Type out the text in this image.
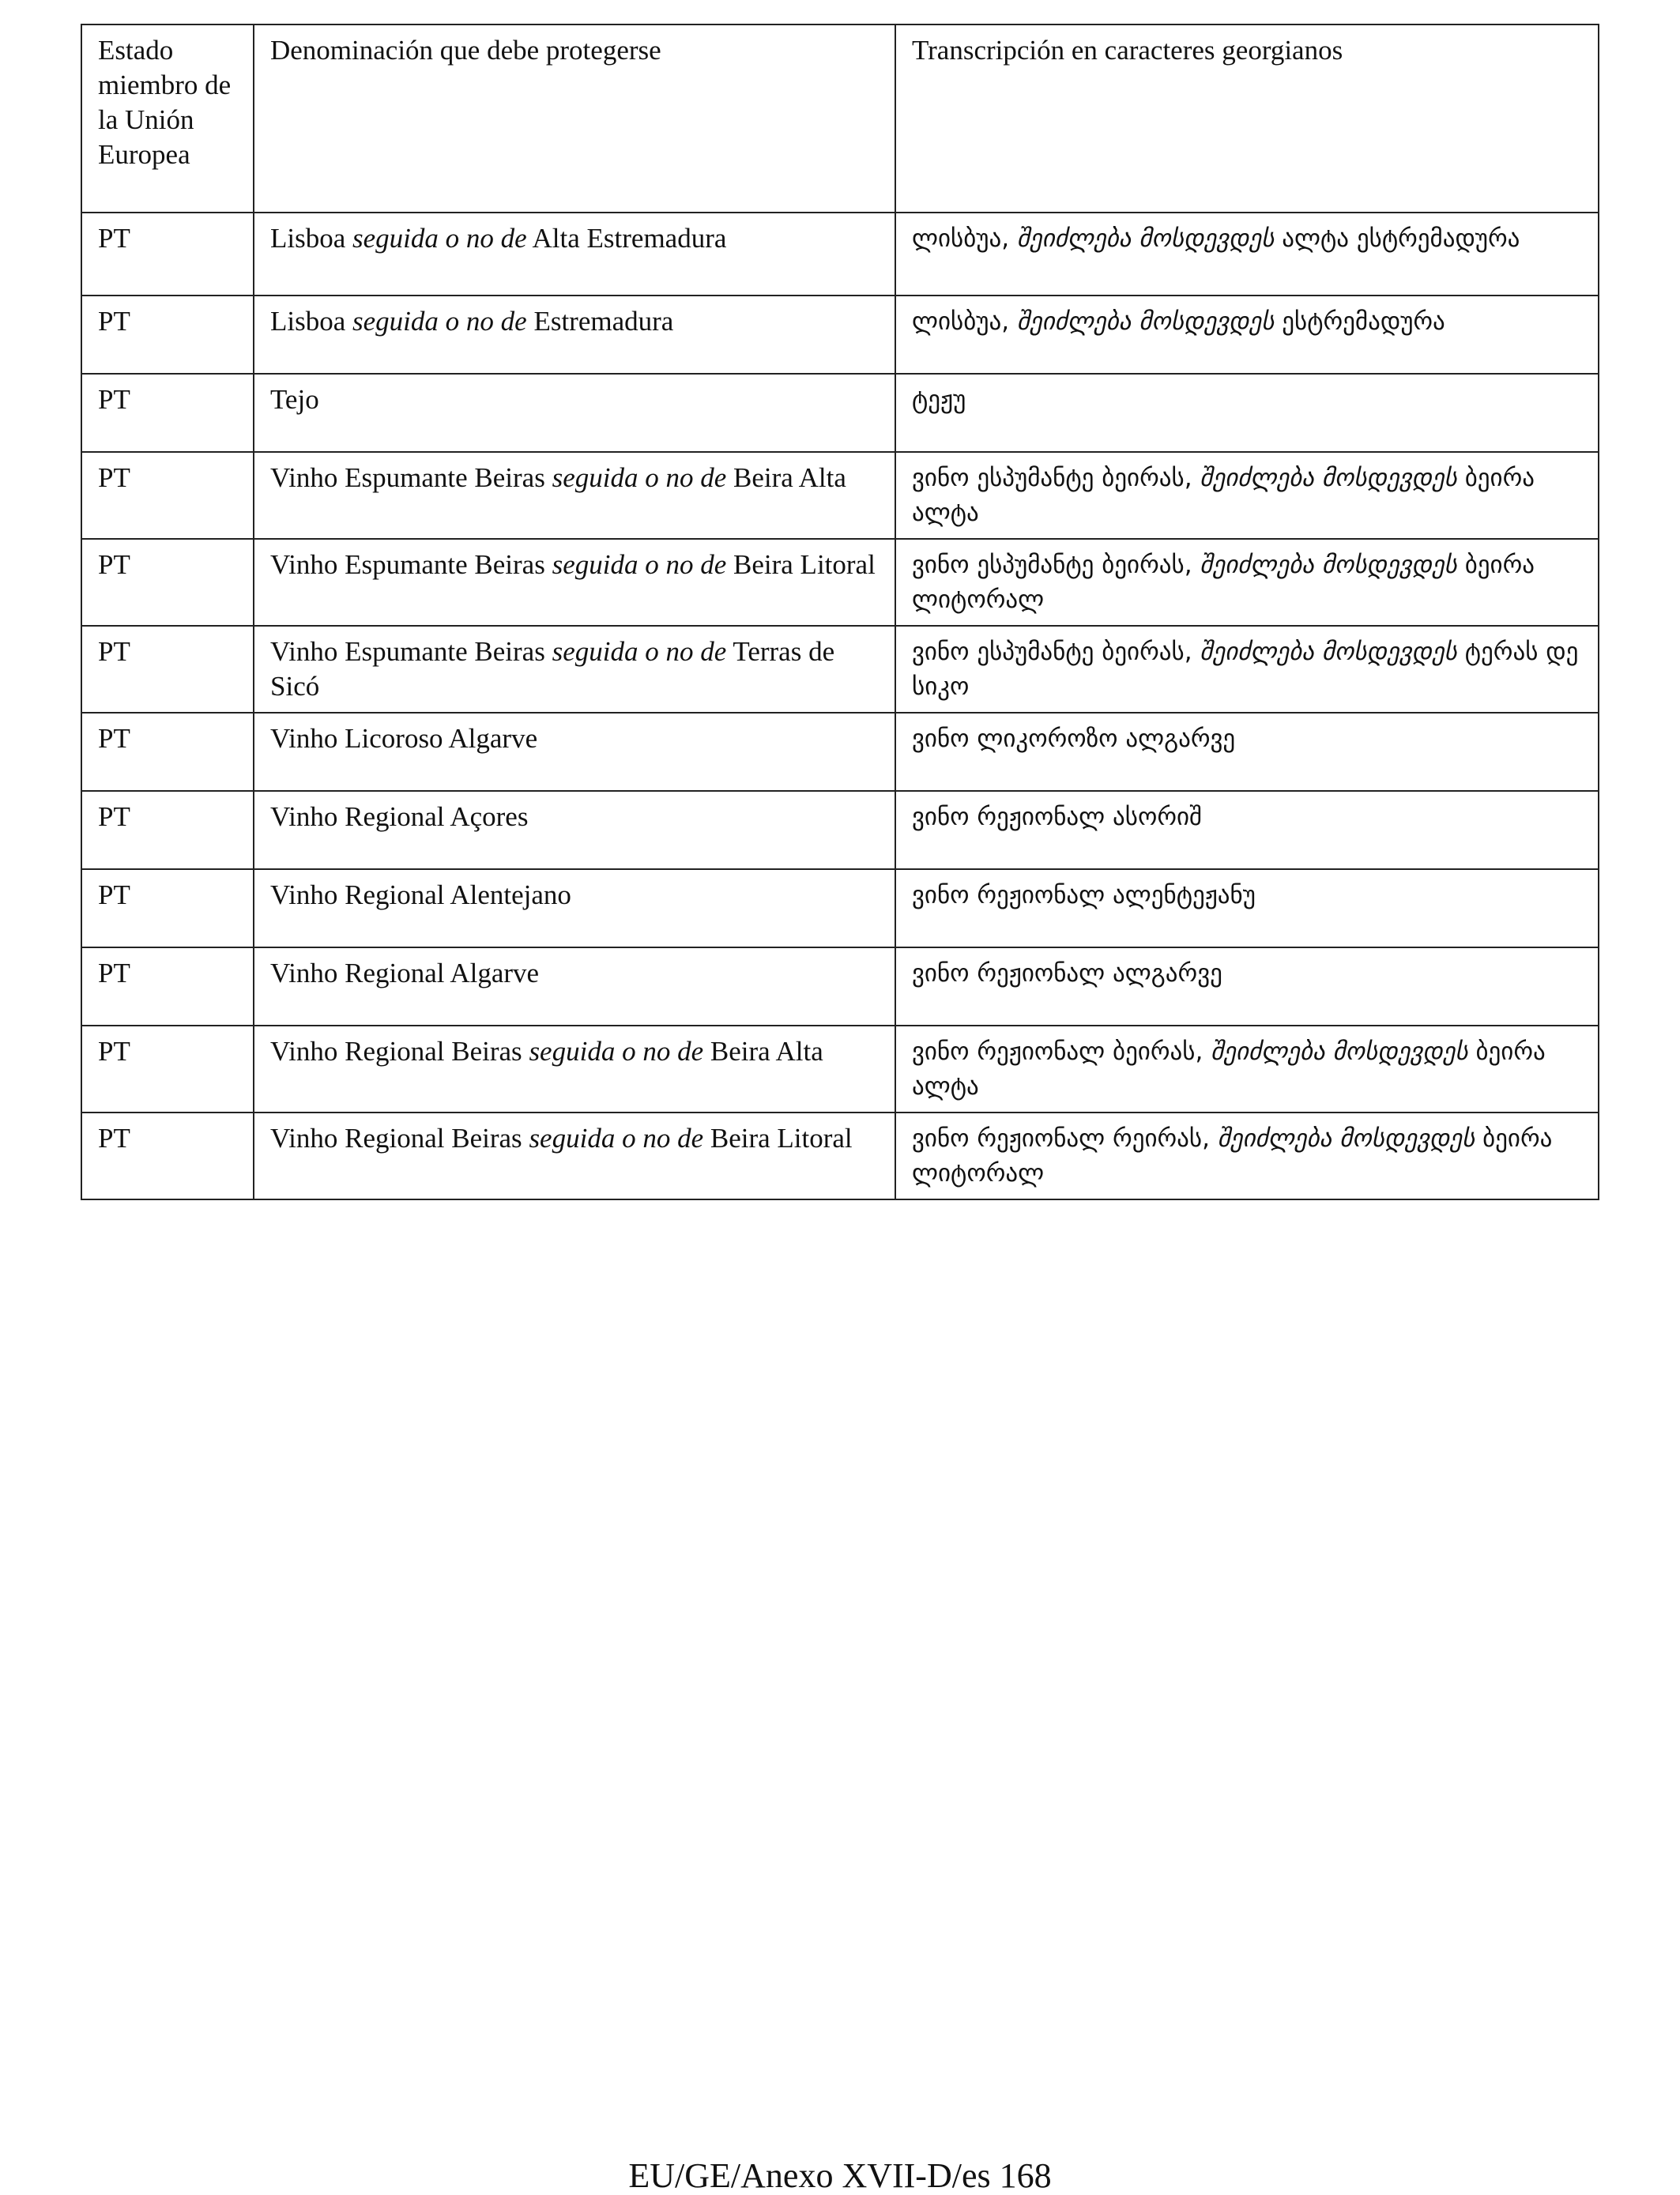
Estado miembro de la Unión Europea	Denominación que debe protegerse	Transcripción en caracteres georgianos
PT	Lisboa seguida o no de Alta Estremadura	ლისბუა, შეიძლება მოსდევდეს ალტა ესტრემადურა
PT	Lisboa seguida o no de Estremadura	ლისბუა, შეიძლება მოსდევდეს ესტრემადურა
PT	Tejo	ტეჟუ
PT	Vinho Espumante Beiras seguida o no de Beira Alta	ვინო ესპუმანტე ბეირას, შეიძლება მოსდევდეს ბეირა ალტა
PT	Vinho Espumante Beiras seguida o no de Beira Litoral	ვინო ესპუმანტე ბეირას, შეიძლება მოსდევდეს ბეირა ლიტორალ
PT	Vinho Espumante Beiras seguida o no de Terras de Sicó	ვინო ესპუმანტე ბეირას, შეიძლება მოსდევდეს ტერას დე სიკო
PT	Vinho Licoroso Algarve	ვინო ლიკოროზო ალგარვე
PT	Vinho Regional Açores	ვინო რეჟიონალ ასორიშ
PT	Vinho Regional Alentejano	ვინო რეჟიონალ ალენტეჟანუ
PT	Vinho Regional Algarve	ვინო რეჟიონალ ალგარვე
PT	Vinho Regional Beiras seguida o no de Beira Alta	ვინო რეჟიონალ ბეირას, შეიძლება მოსდევდეს ბეირა ალტა
PT	Vinho Regional Beiras seguida o no de Beira Litoral	ვინო რეჟიონალ რეირას, შეიძლება მოსდევდეს ბეირა ლიტორალ
EU/GE/Anexo XVII-D/es 168
